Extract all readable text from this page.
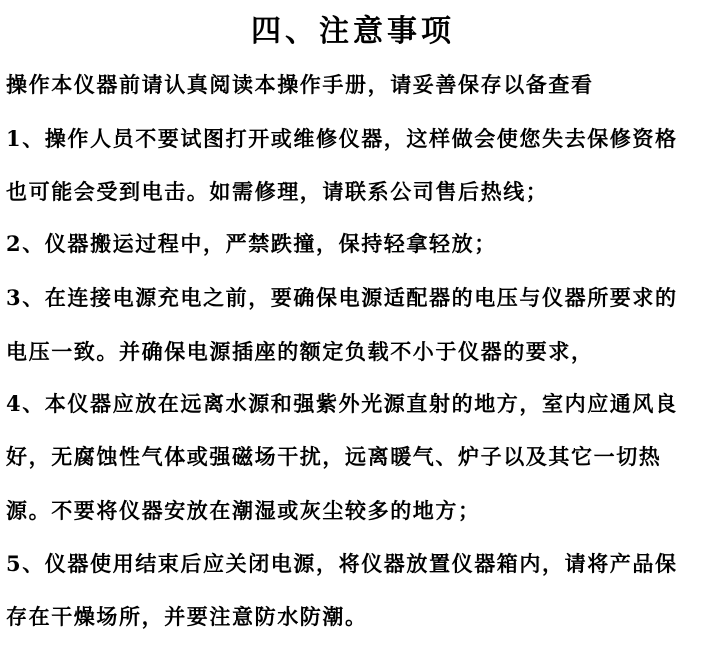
四、注意事项
操作本仪器前请认真阅读本操作手册，请妥善保存以备查看
1、操作人员不要试图打开或维修仪器，这样做会使您失去保修资格
也可能会受到电击。如需修理，请联系公司售后热线；
2、仪器搬运过程中，严禁跌撞，保持轻拿轻放；
3、在连接电源充电之前，要确保电源适配器的电压与仪器所要求的
电压一致。并确保电源插座的额定负载不小于仪器的要求，
4、本仪器应放在远离水源和强紫外光源直射的地方，室内应通风良
好，无腐蚀性气体或强磁场干扰，远离暖气、炉子以及其它一切热
源。不要将仪器安放在潮湿或灰尘较多的地方；
5、仪器使用结束后应关闭电源，将仪器放置仪器箱内，请将产品保
存在干燥场所，并要注意防水防潮。
